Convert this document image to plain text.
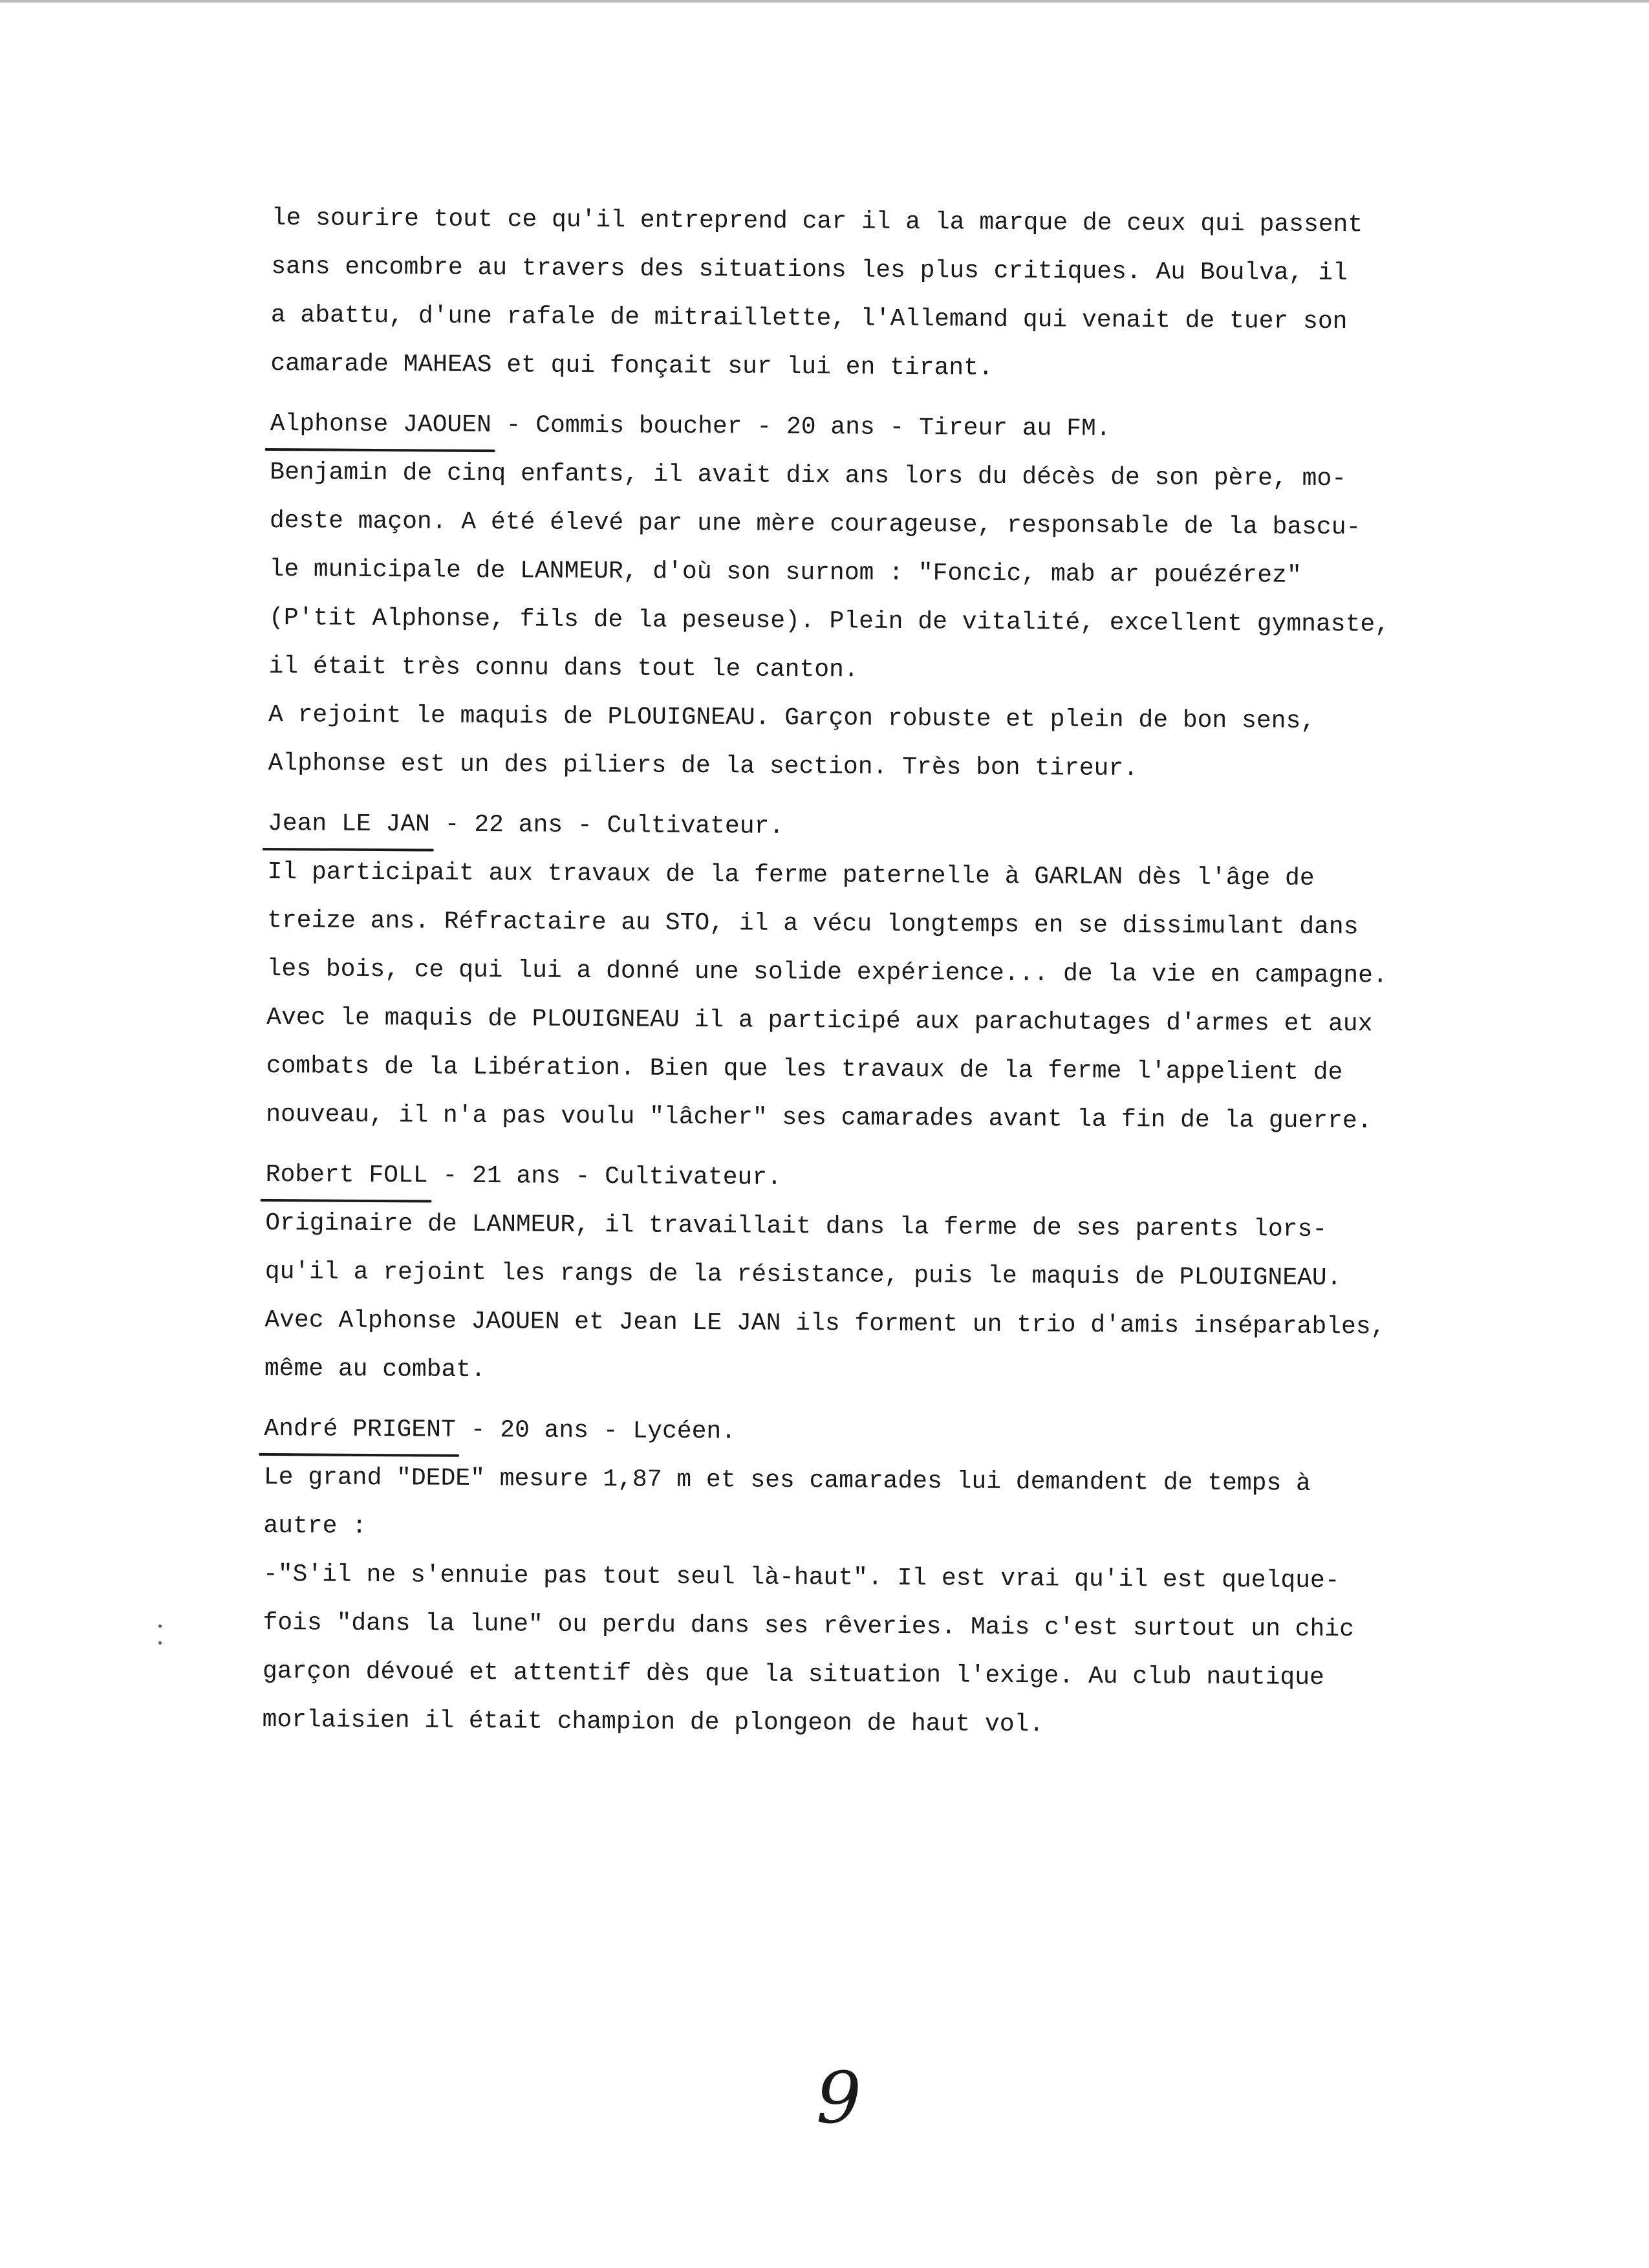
le sourire tout ce qu'il entreprend car il a la marque de ceux qui passent
sans encombre au travers des situations les plus critiques. Au Boulva, il
a abattu, d'une rafale de mitraillette, l'Allemand qui venait de tuer son
camarade MAHEAS et qui fonçait sur lui en tirant.
Alphonse JAOUEN - Commis boucher - 20 ans - Tireur au FM.
Benjamin de cinq enfants, il avait dix ans lors du décès de son père, mo-
deste maçon. A été élevé par une mère courageuse, responsable de la bascu-
le municipale de LANMEUR, d'où son surnom : "Foncic, mab ar pouézérez"
(P'tit Alphonse, fils de la peseuse). Plein de vitalité, excellent gymnaste,
il était très connu dans tout le canton.
A rejoint le maquis de PLOUIGNEAU. Garçon robuste et plein de bon sens,
Alphonse est un des piliers de la section. Très bon tireur.
Jean LE JAN - 22 ans - Cultivateur.
Il participait aux travaux de la ferme paternelle à GARLAN dès l'âge de
treize ans. Réfractaire au STO, il a vécu longtemps en se dissimulant dans
les bois, ce qui lui a donné une solide expérience... de la vie en campagne.
Avec le maquis de PLOUIGNEAU il a participé aux parachutages d'armes et aux
combats de la Libération. Bien que les travaux de la ferme l'appelient de
nouveau, il n'a pas voulu "lâcher" ses camarades avant la fin de la guerre.
Robert FOLL - 21 ans - Cultivateur.
Originaire de LANMEUR, il travaillait dans la ferme de ses parents lors-
qu'il a rejoint les rangs de la résistance, puis le maquis de PLOUIGNEAU.
Avec Alphonse JAOUEN et Jean LE JAN ils forment un trio d'amis inséparables,
même au combat.
André PRIGENT - 20 ans - Lycéen.
Le grand "DEDE" mesure 1,87 m et ses camarades lui demandent de temps à
autre :
-"S'il ne s'ennuie pas tout seul là-haut". Il est vrai qu'il est quelque-
fois "dans la lune" ou perdu dans ses rêveries. Mais c'est surtout un chic
garçon dévoué et attentif dès que la situation l'exige. Au club nautique
morlaisien il était champion de plongeon de haut vol.
9
